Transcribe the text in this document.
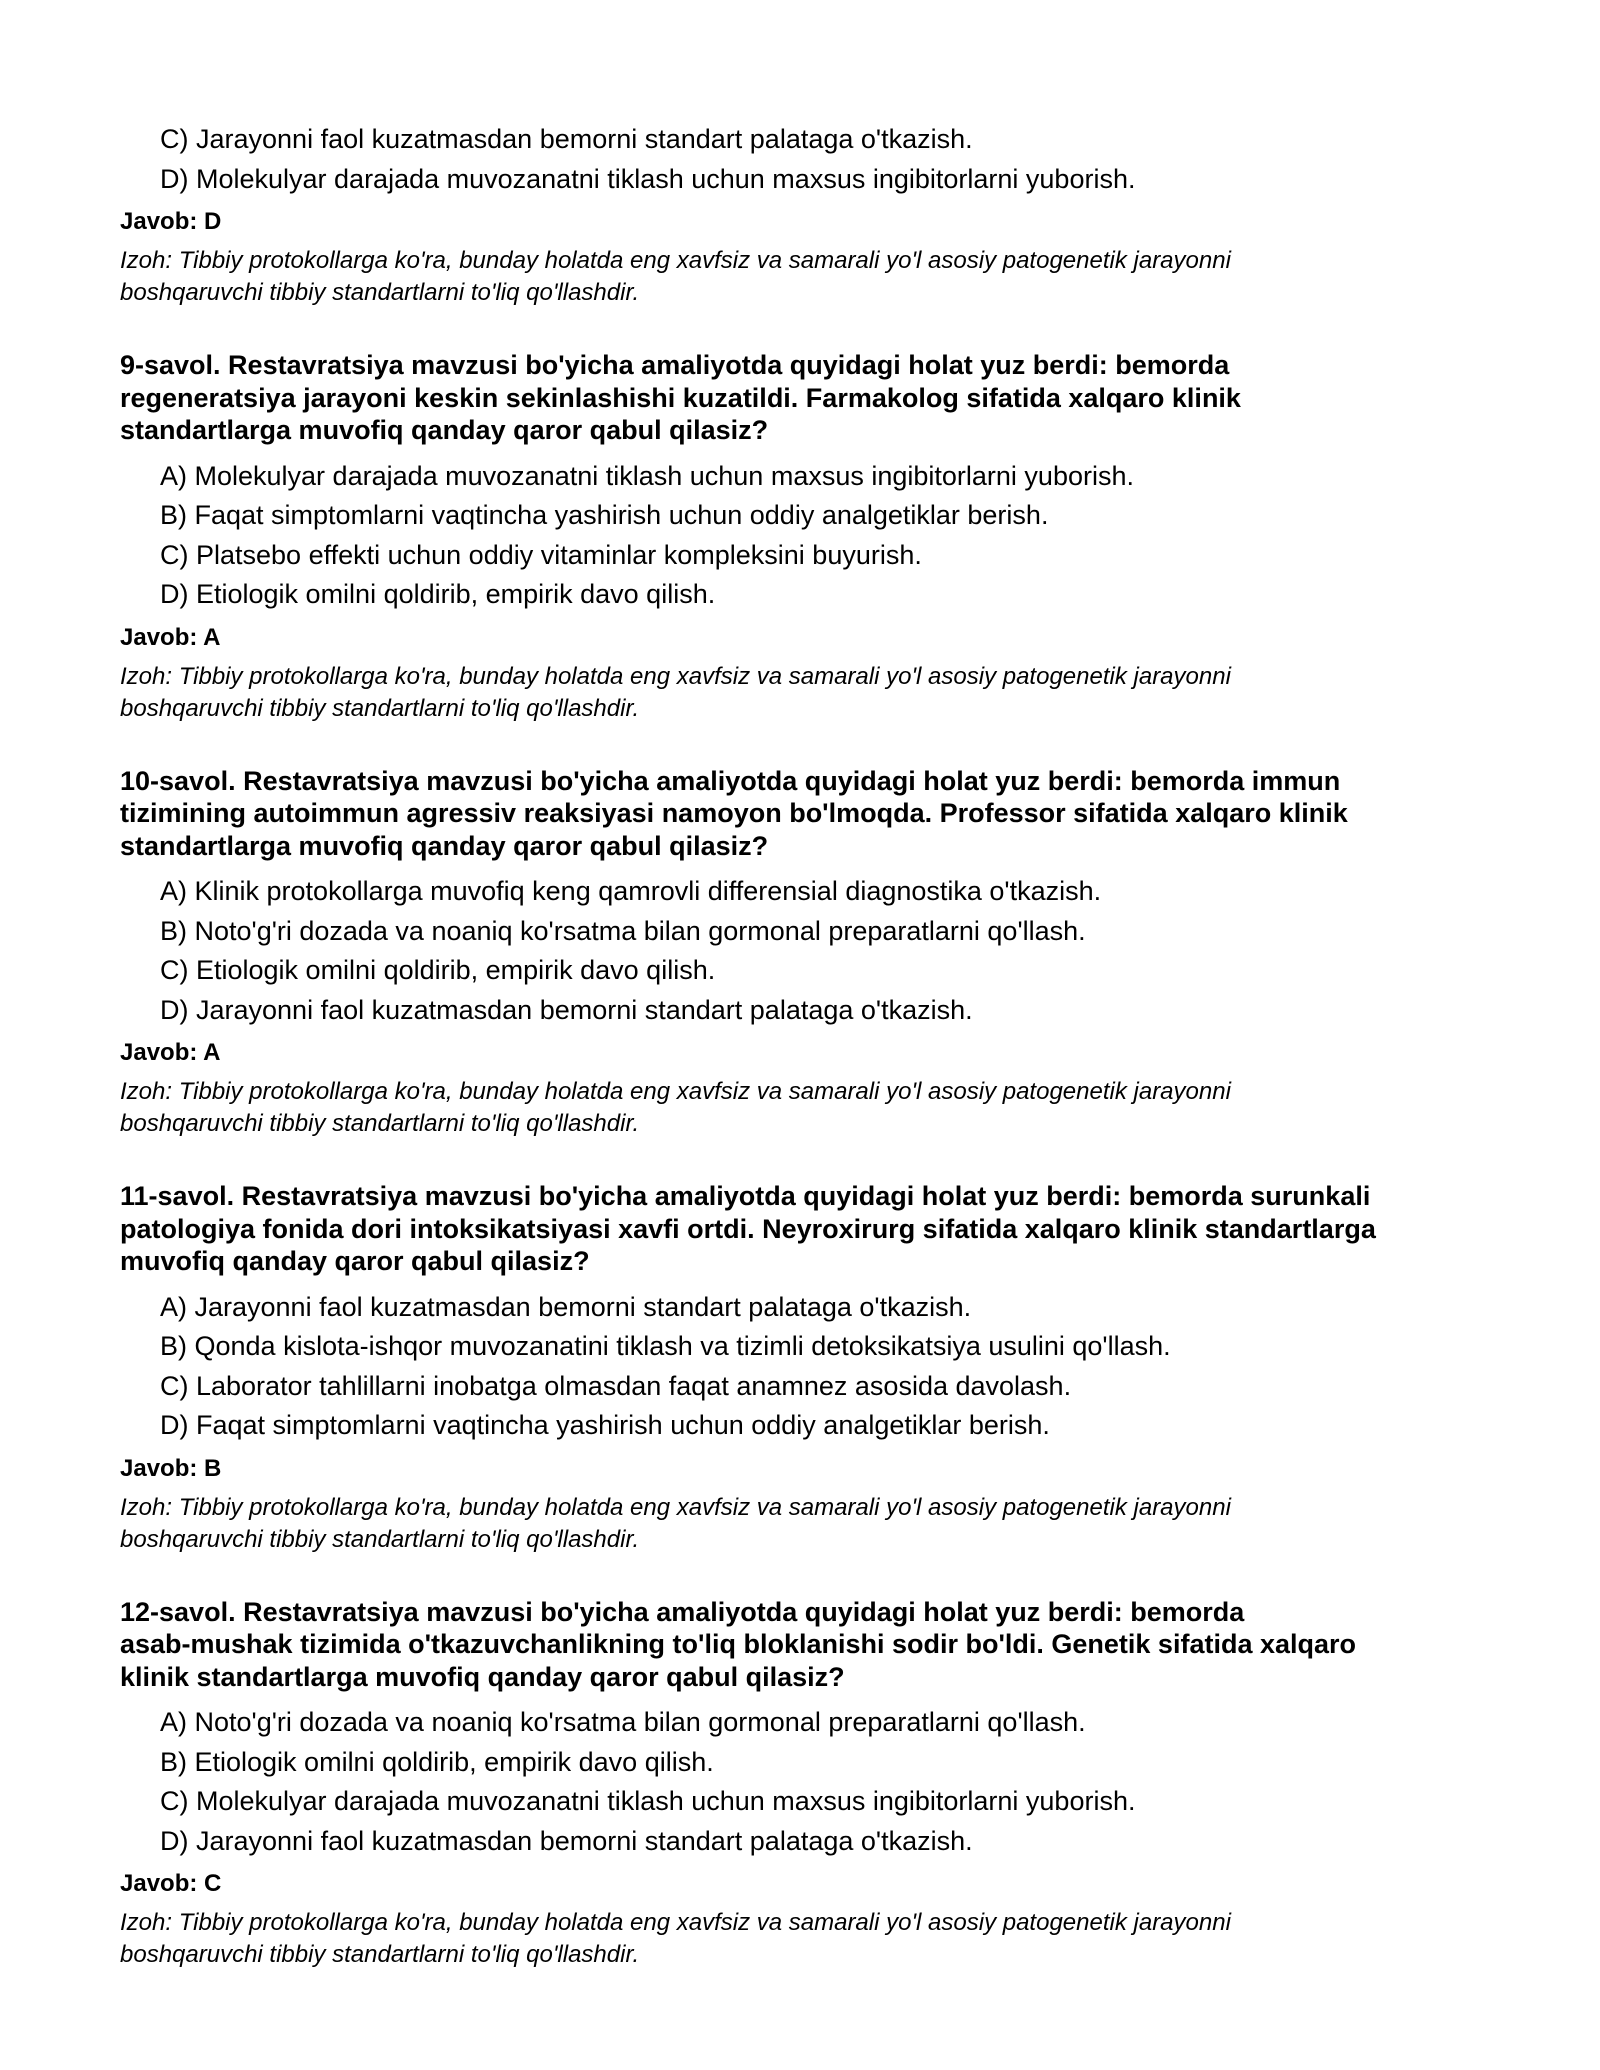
C) Jarayonni faol kuzatmasdan bemorni standart palataga o'tkazish.
D) Molekulyar darajada muvozanatni tiklash uchun maxsus ingibitorlarni yuborish.
Javob: D
Izoh: Tibbiy protokollarga ko'ra, bunday holatda eng xavfsiz va samarali yo'l asosiy patogenetik jarayonni
boshqaruvchi tibbiy standartlarni to'liq qo'llashdir.
9-savol. Restavratsiya mavzusi bo'yicha amaliyotda quyidagi holat yuz berdi: bemorda
regeneratsiya jarayoni keskin sekinlashishi kuzatildi. Farmakolog sifatida xalqaro klinik
standartlarga muvofiq qanday qaror qabul qilasiz?
A) Molekulyar darajada muvozanatni tiklash uchun maxsus ingibitorlarni yuborish.
B) Faqat simptomlarni vaqtincha yashirish uchun oddiy analgetiklar berish.
C) Platsebo effekti uchun oddiy vitaminlar kompleksini buyurish.
D) Etiologik omilni qoldirib, empirik davo qilish.
Javob: A
Izoh: Tibbiy protokollarga ko'ra, bunday holatda eng xavfsiz va samarali yo'l asosiy patogenetik jarayonni
boshqaruvchi tibbiy standartlarni to'liq qo'llashdir.
10-savol. Restavratsiya mavzusi bo'yicha amaliyotda quyidagi holat yuz berdi: bemorda immun
tizimining autoimmun agressiv reaksiyasi namoyon bo'lmoqda. Professor sifatida xalqaro klinik
standartlarga muvofiq qanday qaror qabul qilasiz?
A) Klinik protokollarga muvofiq keng qamrovli differensial diagnostika o'tkazish.
B) Noto'g'ri dozada va noaniq ko'rsatma bilan gormonal preparatlarni qo'llash.
C) Etiologik omilni qoldirib, empirik davo qilish.
D) Jarayonni faol kuzatmasdan bemorni standart palataga o'tkazish.
Javob: A
Izoh: Tibbiy protokollarga ko'ra, bunday holatda eng xavfsiz va samarali yo'l asosiy patogenetik jarayonni
boshqaruvchi tibbiy standartlarni to'liq qo'llashdir.
11-savol. Restavratsiya mavzusi bo'yicha amaliyotda quyidagi holat yuz berdi: bemorda surunkali
patologiya fonida dori intoksikatsiyasi xavfi ortdi. Neyroxirurg sifatida xalqaro klinik standartlarga
muvofiq qanday qaror qabul qilasiz?
A) Jarayonni faol kuzatmasdan bemorni standart palataga o'tkazish.
B) Qonda kislota-ishqor muvozanatini tiklash va tizimli detoksikatsiya usulini qo'llash.
C) Laborator tahlillarni inobatga olmasdan faqat anamnez asosida davolash.
D) Faqat simptomlarni vaqtincha yashirish uchun oddiy analgetiklar berish.
Javob: B
Izoh: Tibbiy protokollarga ko'ra, bunday holatda eng xavfsiz va samarali yo'l asosiy patogenetik jarayonni
boshqaruvchi tibbiy standartlarni to'liq qo'llashdir.
12-savol. Restavratsiya mavzusi bo'yicha amaliyotda quyidagi holat yuz berdi: bemorda
asab-mushak tizimida o'tkazuvchanlikning to'liq bloklanishi sodir bo'ldi. Genetik sifatida xalqaro
klinik standartlarga muvofiq qanday qaror qabul qilasiz?
A) Noto'g'ri dozada va noaniq ko'rsatma bilan gormonal preparatlarni qo'llash.
B) Etiologik omilni qoldirib, empirik davo qilish.
C) Molekulyar darajada muvozanatni tiklash uchun maxsus ingibitorlarni yuborish.
D) Jarayonni faol kuzatmasdan bemorni standart palataga o'tkazish.
Javob: C
Izoh: Tibbiy protokollarga ko'ra, bunday holatda eng xavfsiz va samarali yo'l asosiy patogenetik jarayonni
boshqaruvchi tibbiy standartlarni to'liq qo'llashdir.
